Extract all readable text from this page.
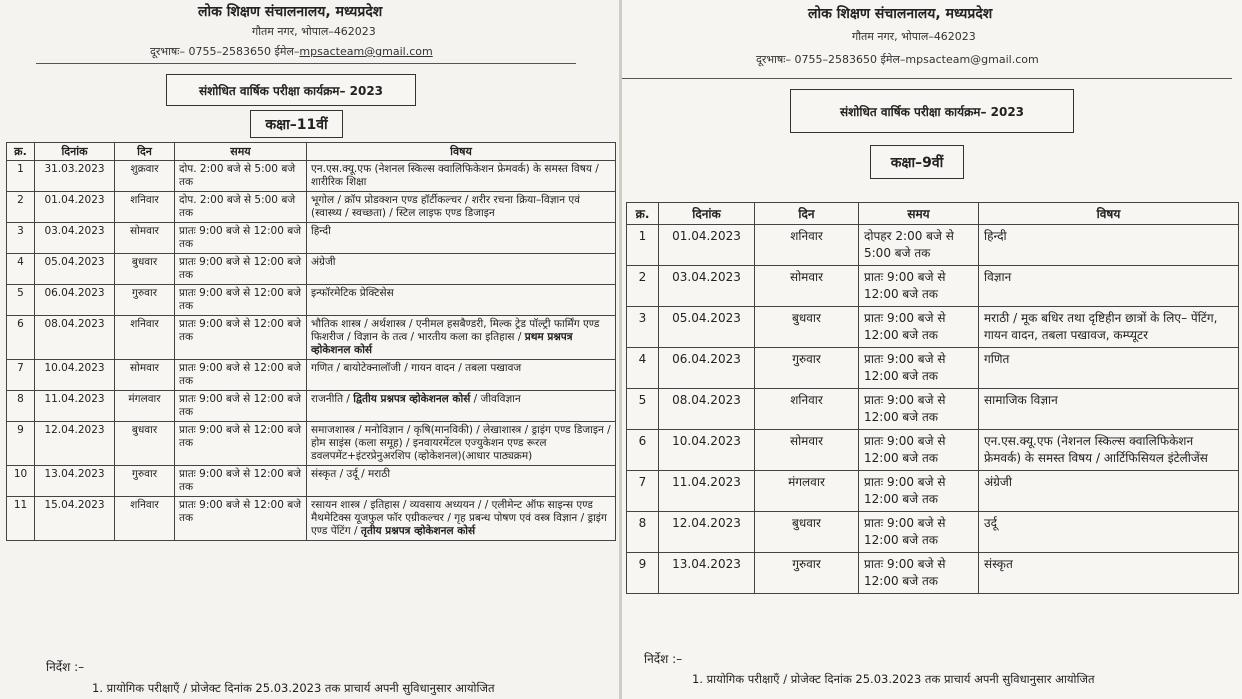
लोक शिक्षण संचालनालय, मध्यप्रदेश
गौतम नगर, भोपाल–462023
दूरभाषः– 0755–2583650 ईमेल–mpsacteam@gmail.com
संशोधित वार्षिक परीक्षा कार्यक्रम– 2023
कक्षा–11वीं
क्र.	दिनांक	दिन	समय	विषय
1	31.03.2023	शुक्रवार	दोप. 2:00 बजे से 5:00 बजे तक	एन.एस.क्यू.एफ (नेशनल स्किल्स क्वालिफिकेशन फ्रेमवर्क) के समस्त विषय / शारीरिक शिक्षा
2	01.04.2023	शनिवार	दोप. 2:00 बजे से 5:00 बजे तक	भूगोल / क्रॉप प्रोडक्शन एण्ड हॉर्टीकल्चर / शरीर रचना क्रिया–विज्ञान एवं (स्वास्थ्य / स्वच्छता) / स्टिल लाइफ एण्ड डिजाइन
3	03.04.2023	सोमवार	प्रातः 9:00 बजे से 12:00 बजे तक	हिन्दी
4	05.04.2023	बुधवार	प्रातः 9:00 बजे से 12:00 बजे तक	अंग्रेजी
5	06.04.2023	गुरुवार	प्रातः 9:00 बजे से 12:00 बजे तक	इन्फॉरमेटिक प्रेक्टिसेस
6	08.04.2023	शनिवार	प्रातः 9:00 बजे से 12:00 बजे तक	भौतिक शास्त्र / अर्थशास्त्र / एनीमल हसबैण्डरी, मिल्क ट्रेड पॉल्ट्री फार्मिंग एण्ड फिशरीज / विज्ञान के तत्व / भारतीय कला का इतिहास / प्रथम प्रश्नपत्र व्होकेशनल कोर्स
7	10.04.2023	सोमवार	प्रातः 9:00 बजे से 12:00 बजे तक	गणित / बायोटेक्नालॉजी / गायन वादन / तबला पखावज
8	11.04.2023	मंगलवार	प्रातः 9:00 बजे से 12:00 बजे तक	राजनीति / द्वितीय प्रश्नपत्र व्होकेशनल कोर्स / जीवविज्ञान
9	12.04.2023	बुधवार	प्रातः 9:00 बजे से 12:00 बजे तक	समाजशास्त्र / मनोविज्ञान / कृषि(मानविकी) / लेखाशास्त्र / ड्राइंग एण्ड डिजाइन / होम साइंस (कला समूह) / इनवायरमेंटल एज्युकेशन एण्ड रूरल डवलपमेंट+इंटरप्रेनुअरशिप (व्होकेशनल)(आधार पाठ्यक्रम)
10	13.04.2023	गुरुवार	प्रातः 9:00 बजे से 12:00 बजे तक	संस्कृत / उर्दू / मराठी
11	15.04.2023	शनिवार	प्रातः 9:00 बजे से 12:00 बजे तक	रसायन शास्त्र / इतिहास / व्यवसाय अध्ययन / / एलीमेन्ट ऑफ साइन्स एण्ड मैथमेटिक्स यूजफुल फॉर एग्रीकल्चर / गृह प्रबन्ध पोषण एवं वस्त्र विज्ञान / ड्राइंग एण्ड पेंटिंग / तृतीय प्रश्नपत्र व्होकेशनल कोर्स
निर्देश :–
1. प्रायोगिक परीक्षाएँ / प्रोजेक्ट दिनांक 25.03.2023 तक प्राचार्य अपनी सुविधानुसार आयोजित
लोक शिक्षण संचालनालय, मध्यप्रदेश
गौतम नगर, भोपाल–462023
दूरभाषः– 0755–2583650 ईमेल–mpsacteam@gmail.com
संशोधित वार्षिक परीक्षा कार्यक्रम– 2023
कक्षा–9वीं
क्र.	दिनांक	दिन	समय	विषय
1	01.04.2023	शनिवार	दोपहर 2:00 बजे से 5:00 बजे तक	हिन्दी
2	03.04.2023	सोमवार	प्रातः 9:00 बजे से 12:00 बजे तक	विज्ञान
3	05.04.2023	बुधवार	प्रातः 9:00 बजे से 12:00 बजे तक	मराठी / मूक बधिर तथा दृष्टिहीन छात्रों के लिए– पेंटिंग, गायन वादन, तबला पखावज, कम्प्यूटर
4	06.04.2023	गुरुवार	प्रातः 9:00 बजे से 12:00 बजे तक	गणित
5	08.04.2023	शनिवार	प्रातः 9:00 बजे से 12:00 बजे तक	सामाजिक विज्ञान
6	10.04.2023	सोमवार	प्रातः 9:00 बजे से 12:00 बजे तक	एन.एस.क्यू.एफ (नेशनल स्किल्स क्वालिफिकेशन फ्रेमवर्क) के समस्त विषय / आर्टिफिसियल इंटेलीजेंस
7	11.04.2023	मंगलवार	प्रातः 9:00 बजे से 12:00 बजे तक	अंग्रेजी
8	12.04.2023	बुधवार	प्रातः 9:00 बजे से 12:00 बजे तक	उर्दू
9	13.04.2023	गुरुवार	प्रातः 9:00 बजे से 12:00 बजे तक	संस्कृत
निर्देश :–
1. प्रायोगिक परीक्षाएँ / प्रोजेक्ट दिनांक 25.03.2023 तक प्राचार्य अपनी सुविधानुसार आयोजित
